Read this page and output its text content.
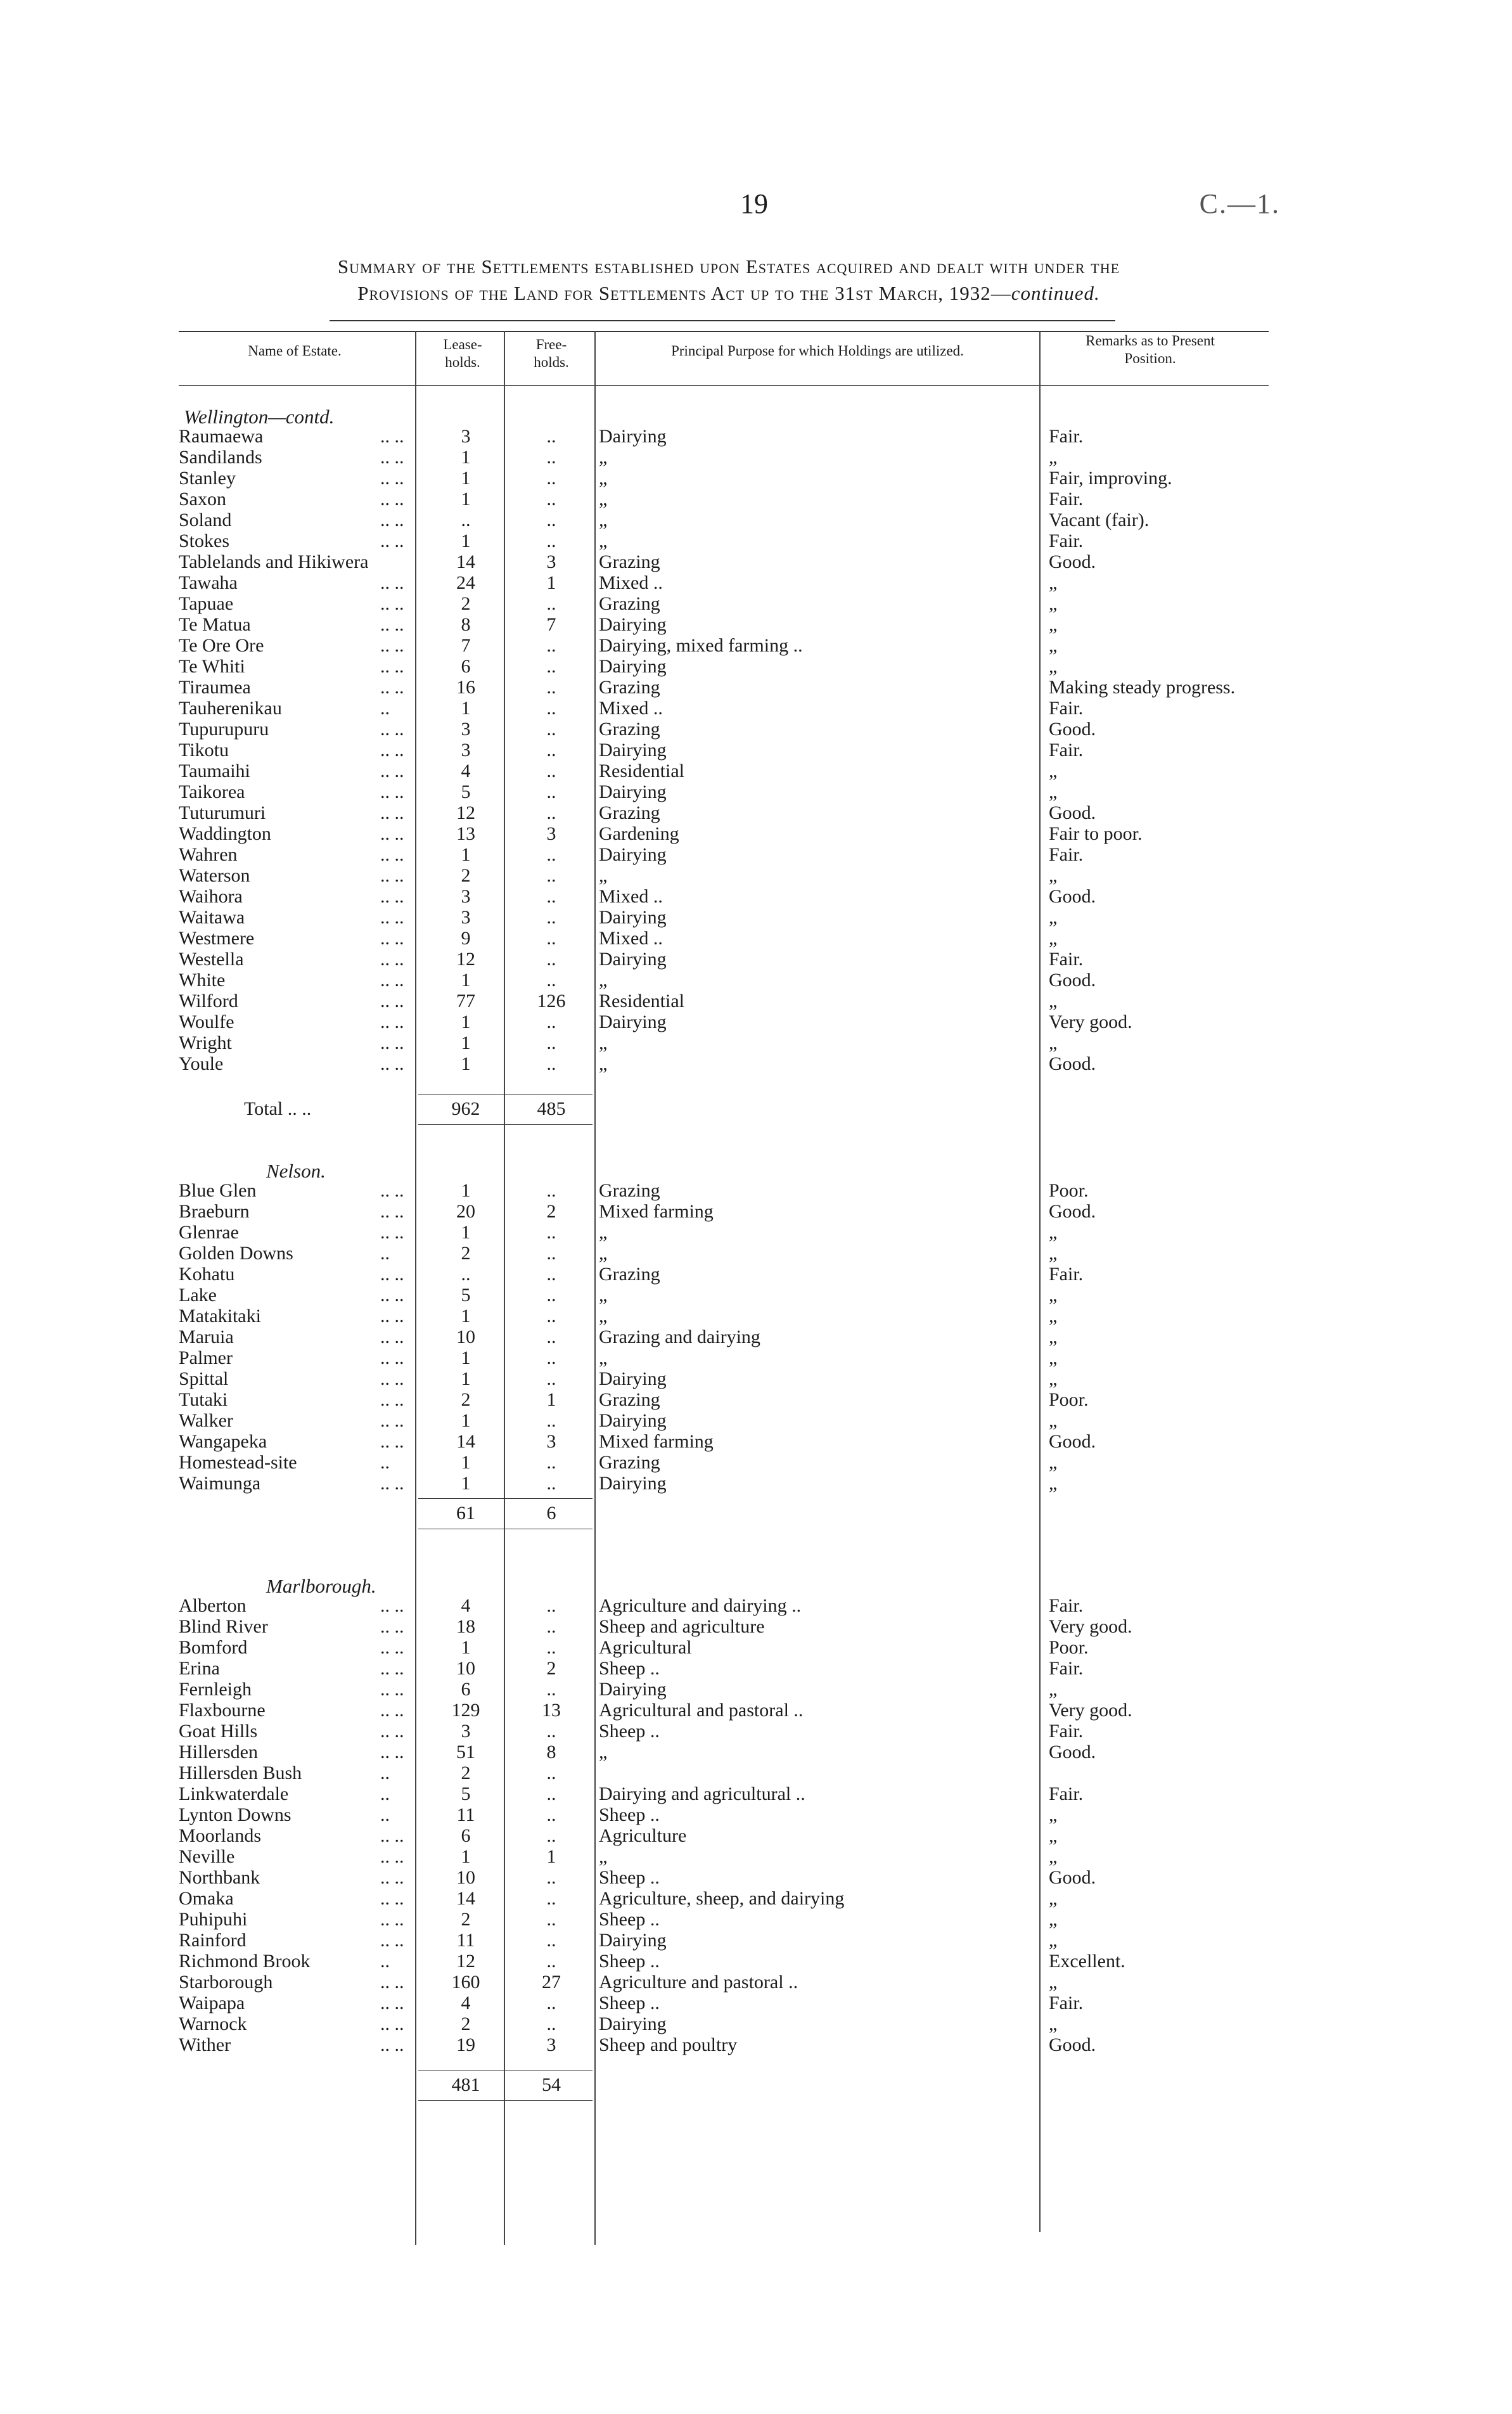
19	C.—1.
Summary of the Settlements established upon Estates acquired and dealt with under the
Provisions of the Land for Settlements Act up to the 31st March, 1932—continued.
Name of Estate.	Lease-
holds.
Free-
holds.
Principal Purpose for which Holdings are utilized.
Remarks as to Present
Position.
Wellington—contd.
Raumaewa	.. ..	3	..	Dairying	Fair.
Sandilands	.. ..	1	..	„	„
Stanley	.. ..	1	..	„	Fair, improving.
Saxon	.. ..	1	..	„	Fair.
Soland	.. ..	..	..	„	Vacant (fair).
Stokes	.. ..	1	..	„	Fair.
Tablelands and Hikiwera	14	3	Grazing	Good.
Tawaha	.. ..	24	1	Mixed ..	„
Tapuae	.. ..	2	..	Grazing	„
Te Matua	.. ..	8	7	Dairying	„
Te Ore Ore	.. ..	7	..	Dairying, mixed farming ..	„
Te Whiti	.. ..	6	..	Dairying	„
Tiraumea	.. ..	16	..	Grazing	Making steady progress.
Tauherenikau	..	1	..	Mixed ..	Fair.
Tupurupuru	.. ..	3	..	Grazing	Good.
Tikotu	.. ..	3	..	Dairying	Fair.
Taumaihi	.. ..	4	..	Residential	„
Taikorea	.. ..	5	..	Dairying	„
Tuturumuri	.. ..	12	..	Grazing	Good.
Waddington	.. ..	13	3	Gardening	Fair to poor.
Wahren	.. ..	1	..	Dairying	Fair.
Waterson	.. ..	2	..	„	„
Waihora	.. ..	3	..	Mixed ..	Good.
Waitawa	.. ..	3	..	Dairying	„
Westmere	.. ..	9	..	Mixed ..	„
Westella	.. ..	12	..	Dairying	Fair.
White	.. ..	1	..	„	Good.
Wilford	.. ..	77	126	Residential	„
Woulfe	.. ..	1	..	Dairying	Very good.
Wright	.. ..	1	..	„	„
Youle	.. ..	1	..	„	Good.
Total .. ..	962	485
Nelson.
Blue Glen	.. ..	1	..	Grazing	Poor.
Braeburn	.. ..	20	2	Mixed farming	Good.
Glenrae	.. ..	1	..	„	„
Golden Downs	..	2	..	„	„
Kohatu	.. ..	..	..	Grazing	Fair.
Lake	.. ..	5	..	„	„
Matakitaki	.. ..	1	..	„	„
Maruia	.. ..	10	..	Grazing and dairying	„
Palmer	.. ..	1	..	„	„
Spittal	.. ..	1	..	Dairying	„
Tutaki	.. ..	2	1	Grazing	Poor.
Walker	.. ..	1	..	Dairying	„
Wangapeka	.. ..	14	3	Mixed farming	Good.
Homestead-site	..	1	..	Grazing	„
Waimunga	.. ..	1	..	Dairying	„
61	6
Marlborough.
Alberton	.. ..	4	..	Agriculture and dairying ..	Fair.
Blind River	.. ..	18	..	Sheep and agriculture	Very good.
Bomford	.. ..	1	..	Agricultural	Poor.
Erina	.. ..	10	2	Sheep ..	Fair.
Fernleigh	.. ..	6	..	Dairying	„
Flaxbourne	.. ..	129	13	Agricultural and pastoral ..	Very good.
Goat Hills	.. ..	3	..	Sheep ..	Fair.
Hillersden	.. ..	51	8	„	Good.
Hillersden Bush	..	2	..
Linkwaterdale	..	5	..	Dairying and agricultural ..	Fair.
Lynton Downs	..	11	..	Sheep ..	„
Moorlands	.. ..	6	..	Agriculture	„
Neville	.. ..	1	1	„	„
Northbank	.. ..	10	..	Sheep ..	Good.
Omaka	.. ..	14	..	Agriculture, sheep, and dairying	„
Puhipuhi	.. ..	2	..	Sheep ..	„
Rainford	.. ..	11	..	Dairying	„
Richmond Brook	..	12	..	Sheep ..	Excellent.
Starborough	.. ..	160	27	Agriculture and pastoral ..	„
Waipapa	.. ..	4	..	Sheep ..	Fair.
Warnock	.. ..	2	..	Dairying	„
Wither	.. ..	19	3	Sheep and poultry	Good.
481	54
